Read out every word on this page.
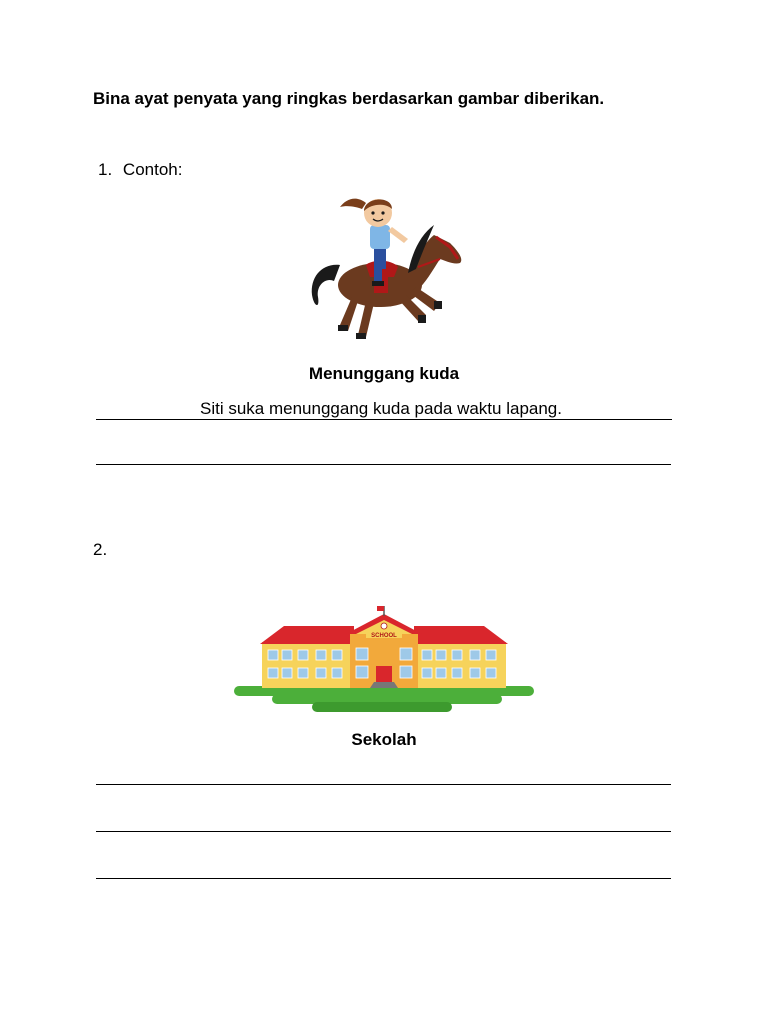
Bina ayat penyata yang ringkas berdasarkan gambar diberikan.
1. Contoh:
Menunggang kuda
Siti suka menunggang kuda pada waktu lapang.
2.
SCHOOL
Sekolah
